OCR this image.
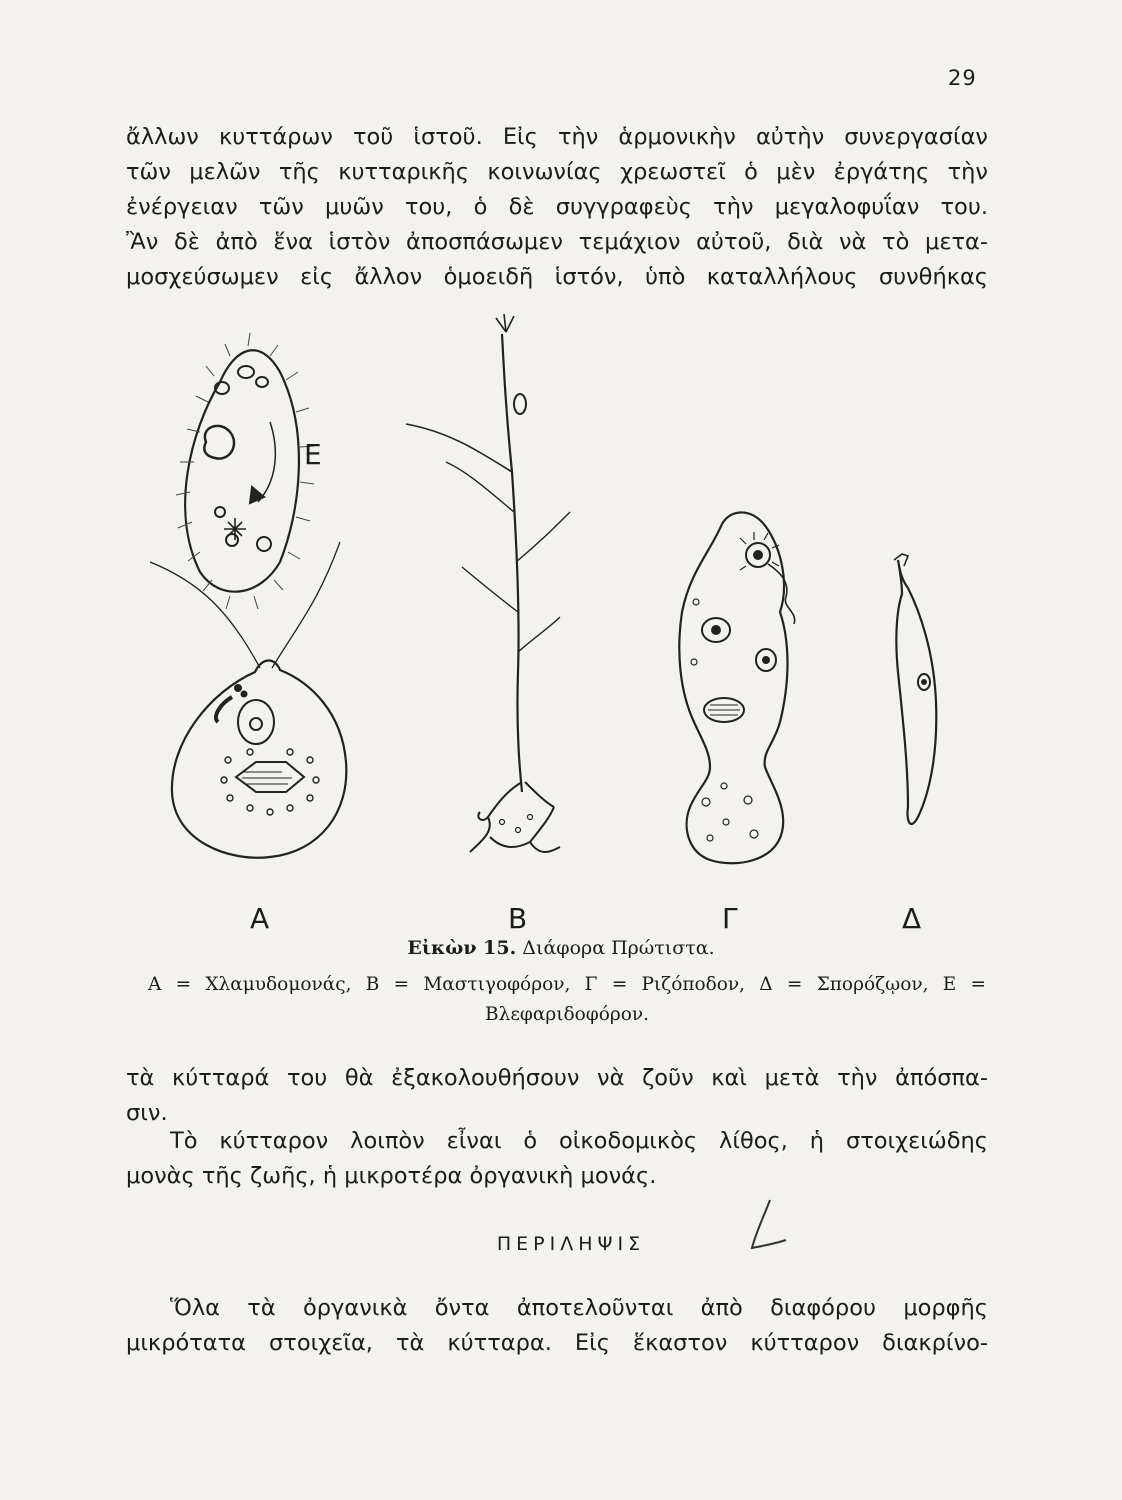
29

ἄλλων κυττάρων τοῦ ἱστοῦ. Εἰς τὴν ἁρμονικὴν αὐτὴν συνεργασίαν
τῶν μελῶν τῆς κυτταρικῆς κοινωνίας χρεωστεῖ ὁ μὲν ἐργάτης τὴν
ἐνέργειαν τῶν μυῶν του, ὁ δὲ συγγραφεὺς τὴν μεγαλοφυΐαν του.
Ἂν δὲ ἀπὸ ἕνα ἱστὸν ἀποσπάσωμεν τεμάχιον αὐτοῦ, διὰ νὰ τὸ μετα-
μοσχεύσωμεν εἰς ἄλλον ὁμοειδῆ ἱστόν, ὑπὸ καταλλήλους συνθήκας

Ε
Α	Β	Γ	Δ
Εἰκὼν 15. Διάφορα Πρώτιστα.
Α = Χλαμυδομονάς, Β = Μαστιγοφόρον, Γ = Ριζόποδον, Δ = Σπορόζῳον, Ε =
Βλεφαριδοφόρον.

τὰ κύτταρά του θὰ ἐξακολουθήσουν νὰ ζοῦν καὶ μετὰ τὴν ἀπόσπα-
σιν.

Τὸ κύτταρον λοιπὸν εἶναι ὁ οἰκοδομικὸς λίθος, ἡ στοιχειώδης
μονὰς τῆς ζωῆς, ἡ μικροτέρα ὀργανικὴ μονάς.

ΠΕΡΙΛΗΨΙΣ

Ὅλα τὰ ὀργανικὰ ὄντα ἀποτελοῦνται ἀπὸ διαφόρου μορφῆς
μικρότατα στοιχεῖα, τὰ κύτταρα. Εἰς ἕκαστον κύτταρον διακρίνο-
